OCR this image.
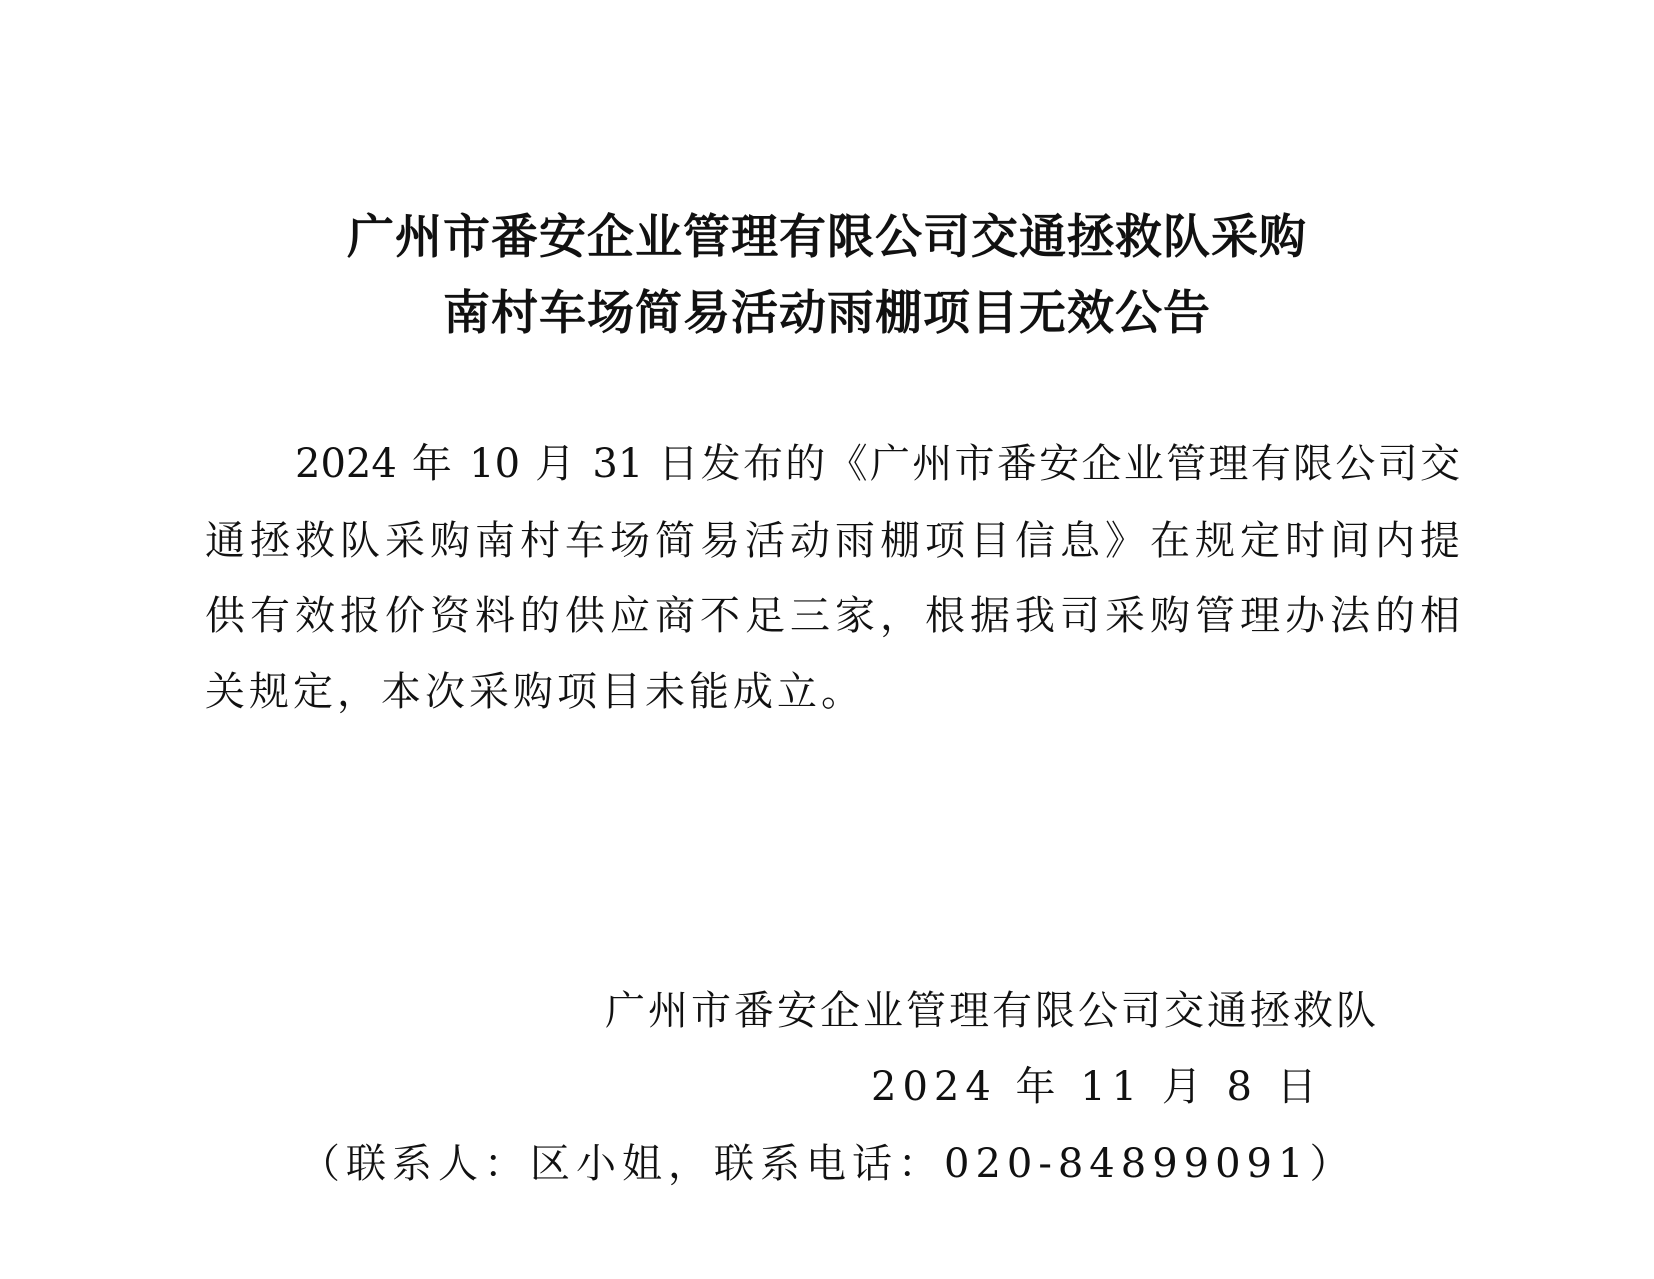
广州市番安企业管理有限公司交通拯救队采购
南村车场简易活动雨棚项目无效公告
2024 年 10 月 31 日发布的《广州市番安企业管理有限公司交
通拯救队采购南村车场简易活动雨棚项目信息》在规定时间内提
供有效报价资料的供应商不足三家，根据我司采购管理办法的相
关规定，本次采购项目未能成立。
广州市番安企业管理有限公司交通拯救队
2024 年 11 月 8 日
（联系人：区小姐，联系电话：020-84899091）
